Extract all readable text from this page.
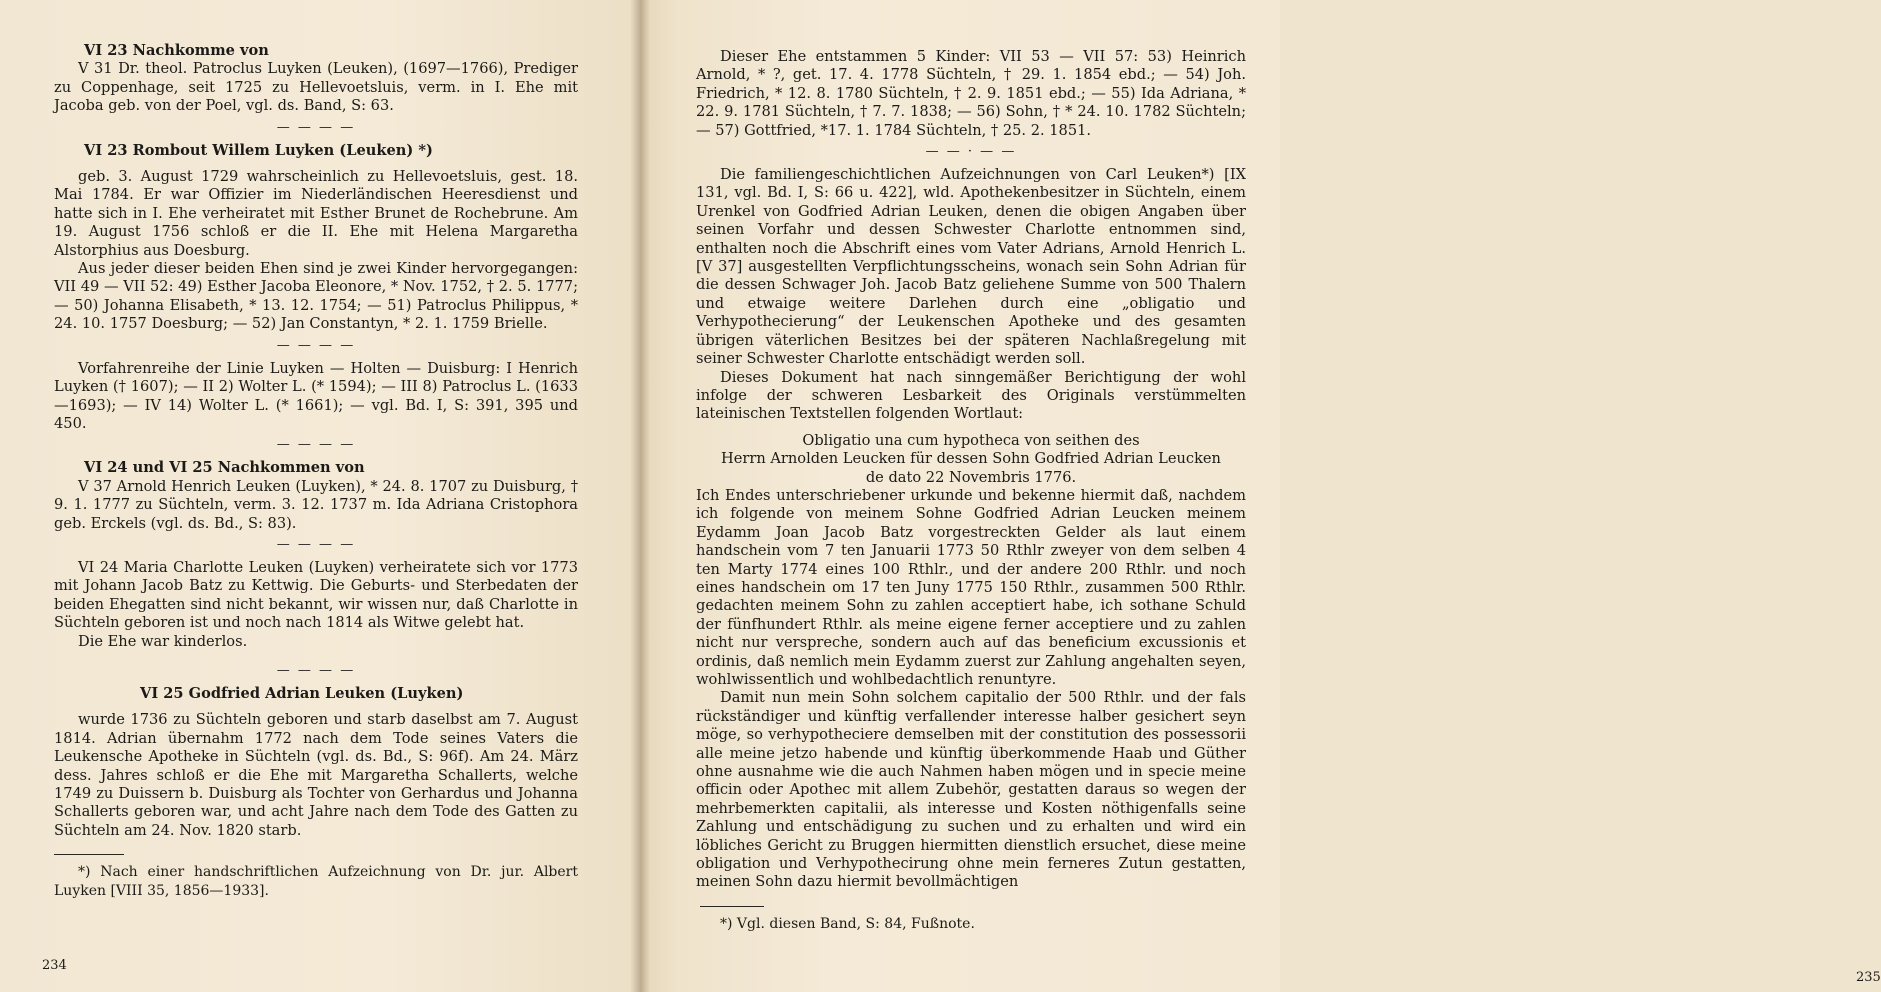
VI 23 Nachkomme von

V 31 Dr. theol. Patroclus Luyken (Leuken), (1697—1766), Prediger zu Coppenhage, seit 1725 zu Hellevoetsluis, verm. in I. Ehe mit Jacoba geb. von der Poel, vgl. ds. Band, S: 63.

— — — —

VI 23 Rombout Willem Luyken (Leuken) *)

geb. 3. August 1729 wahrscheinlich zu Hellevoetsluis, gest. 18. Mai 1784. Er war Offizier im Niederländischen Heeresdienst und hatte sich in I. Ehe verheiratet mit Esther Brunet de Rochebrune. Am 19. August 1756 schloß er die II. Ehe mit Helena Margaretha Alstorphius aus Doesburg.

Aus jeder dieser beiden Ehen sind je zwei Kinder hervorgegangen: VII 49 — VII 52: 49) Esther Jacoba Eleonore, * Nov. 1752, † 2. 5. 1777; — 50) Johanna Elisabeth, * 13. 12. 1754; — 51) Patroclus Philippus, * 24. 10. 1757 Doesburg; — 52) Jan Constantyn, * 2. 1. 1759 Brielle.

— — — —

Vorfahrenreihe der Linie Luyken — Holten — Duisburg: I Henrich Luyken († 1607); — II 2) Wolter L. (* 1594); — III 8) Patroclus L. (1633—1693); — IV 14) Wolter L. (* 1661); — vgl. Bd. I, S: 391, 395 und 450.

— — — —

VI 24 und VI 25 Nachkommen von

V 37 Arnold Henrich Leuken (Luyken), * 24. 8. 1707 zu Duisburg, † 9. 1. 1777 zu Süchteln, verm. 3. 12. 1737 m. Ida Adriana Cristophora geb. Erckels (vgl. ds. Bd., S: 83).

— — — —

VI 24 Maria Charlotte Leuken (Luyken) verheiratete sich vor 1773 mit Johann Jacob Batz zu Kettwig. Die Geburts- und Sterbedaten der beiden Ehegatten sind nicht bekannt, wir wissen nur, daß Charlotte in Süchteln geboren ist und noch nach 1814 als Witwe gelebt hat.

Die Ehe war kinderlos.

— — — —

VI 25 Godfried Adrian Leuken (Luyken)

wurde 1736 zu Süchteln geboren und starb daselbst am 7. August 1814. Adrian übernahm 1772 nach dem Tode seines Vaters die Leukensche Apotheke in Süchteln (vgl. ds. Bd., S: 96f). Am 24. März dess. Jahres schloß er die Ehe mit Margaretha Schallerts, welche 1749 zu Duissern b. Duisburg als Tochter von Gerhardus und Johanna Schallerts geboren war, und acht Jahre nach dem Tode des Gatten zu Süchteln am 24. Nov. 1820 starb.

*) Nach einer handschriftlichen Aufzeichnung von Dr. jur. Albert Luyken [VIII 35, 1856—1933].

234

Dieser Ehe entstammen 5 Kinder: VII 53 — VII 57: 53) Heinrich Arnold, * ?, get. 17. 4. 1778 Süchteln, † 29. 1. 1854 ebd.; — 54) Joh. Friedrich, * 12. 8. 1780 Süchteln, † 2. 9. 1851 ebd.; — 55) Ida Adriana, * 22. 9. 1781 Süchteln, † 7. 7. 1838; — 56) Sohn, † * 24. 10. 1782 Süchteln; — 57) Gottfried, *17. 1. 1784 Süchteln, † 25. 2. 1851.

— — · — —

Die familiengeschichtlichen Aufzeichnungen von Carl Leuken*) [IX 131, vgl. Bd. I, S: 66 u. 422], wld. Apothekenbesitzer in Süchteln, einem Urenkel von Godfried Adrian Leuken, denen die obigen Angaben über seinen Vorfahr und dessen Schwester Charlotte entnommen sind, enthalten noch die Abschrift eines vom Vater Adrians, Arnold Henrich L. [V 37] ausgestellten Verpflichtungsscheins, wonach sein Sohn Adrian für die dessen Schwager Joh. Jacob Batz geliehene Summe von 500 Thalern und etwaige weitere Darlehen durch eine „obligatio und Verhypothecierung“ der Leukenschen Apotheke und des gesamten übrigen väterlichen Besitzes bei der späteren Nachlaßregelung mit seiner Schwester Charlotte entschädigt werden soll.

Dieses Dokument hat nach sinngemäßer Berichtigung der wohl infolge der schweren Lesbarkeit des Originals verstümmelten lateinischen Textstellen folgenden Wortlaut:

Obligatio una cum hypotheca von seithen des

Herrn Arnolden Leucken für dessen Sohn Godfried Adrian Leucken

de dato 22 Novembris 1776.

Ich Endes unterschriebener urkunde und bekenne hiermit daß, nachdem ich folgende von meinem Sohne Godfried Adrian Leucken meinem Eydamm Joan Jacob Batz vorgestreckten Gelder als laut einem handschein vom 7 ten Januarii 1773 50 Rthlr zweyer von dem selben 4 ten Marty 1774 eines 100 Rthlr., und der andere 200 Rthlr. und noch eines handschein om 17 ten Juny 1775 150 Rthlr., zusammen 500 Rthlr. gedachten meinem Sohn zu zahlen acceptiert habe, ich sothane Schuld der fünfhundert Rthlr. als meine eigene ferner acceptiere und zu zahlen nicht nur verspreche, sondern auch auf das beneficium excussionis et ordinis, daß nemlich mein Eydamm zuerst zur Zahlung angehalten seyen, wohlwissentlich und wohlbedachtlich renuntyre.

Damit nun mein Sohn solchem capitalio der 500 Rthlr. und der fals rückständiger und künftig verfallender interesse halber gesichert seyn möge, so verhypotheciere demselben mit der constitution des possessorii alle meine jetzo habende und künftig überkommende Haab und Güther ohne ausnahme wie die auch Nahmen haben mögen und in specie meine officin oder Apothec mit allem Zubehör, gestatten daraus so wegen der mehrbemerkten capitalii, als interesse und Kosten nöthigenfalls seine Zahlung und entschädigung zu suchen und zu erhalten und wird ein löbliches Gericht zu Bruggen hiermitten dienstlich ersuchet, diese meine obligation und Verhypothecirung ohne mein ferneres Zutun gestatten, meinen Sohn dazu hiermit bevollmächtigen

*) Vgl. diesen Band, S: 84, Fußnote.

235
